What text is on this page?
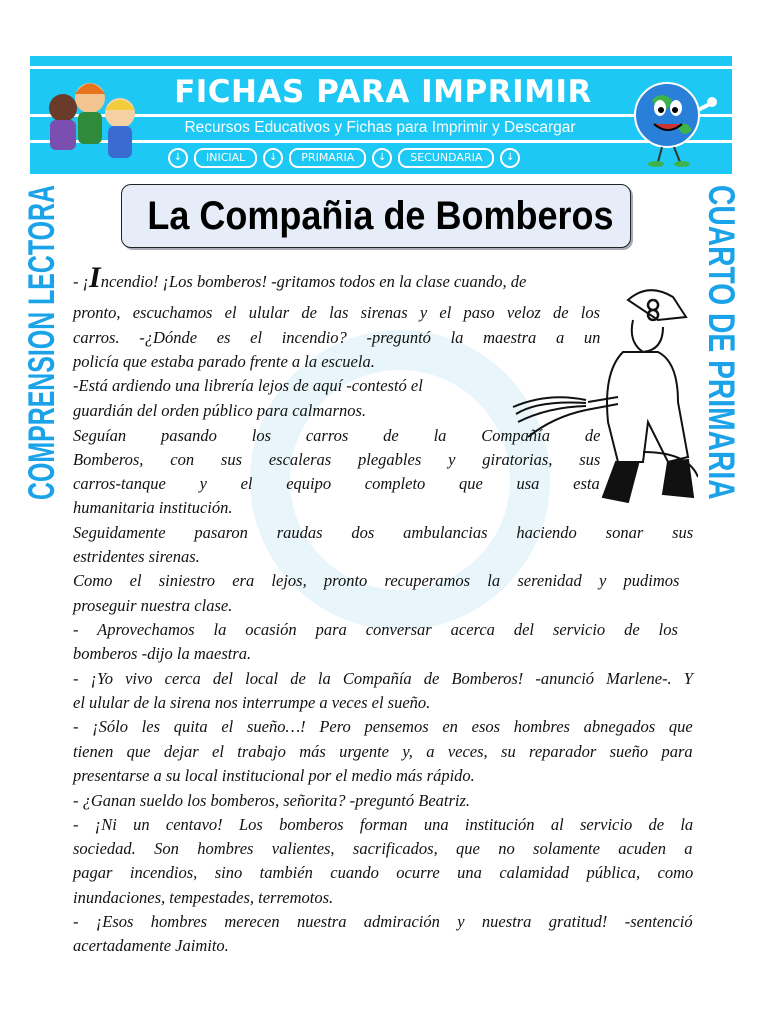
FICHAS PARA IMPRIMIR
Recursos Educativos y Fichas para Imprimir y Descargar
↓	INICIAL	↓	PRIMARIA	↓	SECUNDARIA	↓
COMPRENSION LECTORA	CUARTO DE PRIMARIA
La Compañia de Bomberos
- ¡Incendio! ¡Los bomberos! -gritamos todos en la clase cuando, de
pronto, escuchamos el ulular de las sirenas y el paso veloz de los
carros. -¿Dónde es el incendio? -preguntó la maestra a un
policía que estaba parado frente a la escuela.
-Está ardiendo una librería lejos de aquí -contestó el
guardián del orden público para calmarnos.
Seguían pasando los carros de la Compañía de
Bomberos, con sus escaleras plegables y giratorias, sus
carros-tanque y el equipo completo que usa esta
humanitaria institución.
Seguidamente pasaron raudas dos ambulancias haciendo sonar sus
estridentes sirenas.
Como el siniestro era lejos, pronto recuperamos la serenidad y pudimos
proseguir nuestra clase.
- Aprovechamos la ocasión para conversar acerca del servicio de los
bomberos -dijo la maestra.
- ¡Yo vivo cerca del local de la Compañía de Bomberos! -anunció Marlene-. Y
el ulular de la sirena nos interrumpe a veces el sueño.
- ¡Sólo les quita el sueño…! Pero pensemos en esos hombres abnegados que
tienen que dejar el trabajo más urgente y, a veces, su reparador sueño para
presentarse a su local institucional por el medio más rápido.
- ¿Ganan sueldo los bomberos, señorita? -preguntó Beatriz.
- ¡Ni un centavo! Los bomberos forman una institución al servicio de la
sociedad. Son hombres valientes, sacrificados, que no solamente acuden a
pagar incendios, sino también cuando ocurre una calamidad pública, como
inundaciones, tempestades, terremotos.
- ¡Esos hombres merecen nuestra admiración y nuestra gratitud! -sentenció
acertadamente Jaimito.
